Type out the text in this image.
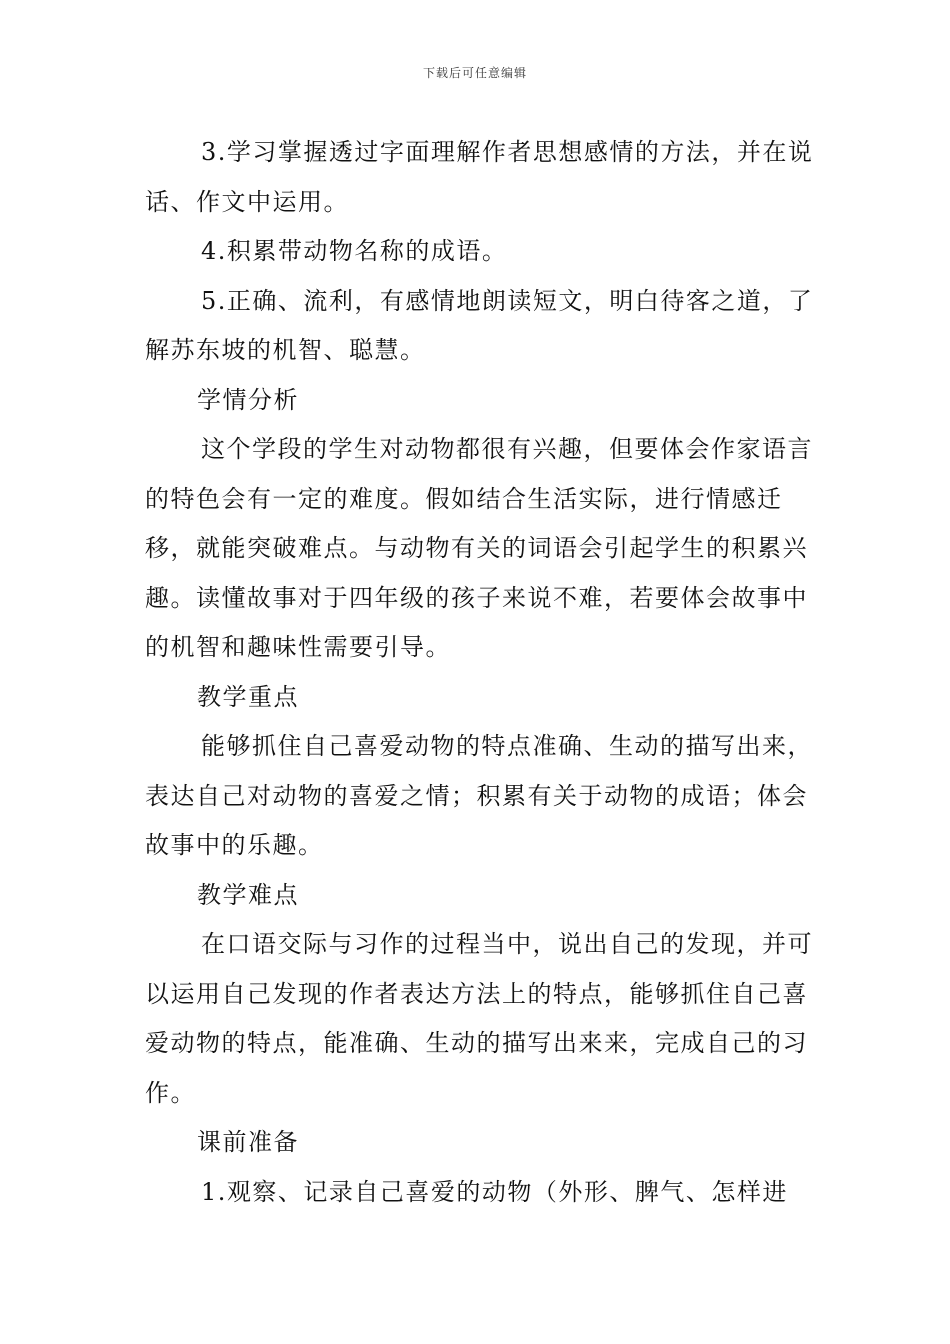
下载后可任意编辑

3.学习掌握透过字面理解作者思想感情的方法，并在说话、作文中运用。

4.积累带动物名称的成语。

5.正确、流利，有感情地朗读短文，明白待客之道，了解苏东坡的机智、聪慧。

学情分析

这个学段的学生对动物都很有兴趣，但要体会作家语言的特色会有一定的难度。假如结合生活实际，进行情感迁移，就能突破难点。与动物有关的词语会引起学生的积累兴趣。读懂故事对于四年级的孩子来说不难，若要体会故事中的机智和趣味性需要引导。

教学重点

能够抓住自己喜爱动物的特点准确、生动的描写出来，表达自己对动物的喜爱之情；积累有关于动物的成语；体会故事中的乐趣。

教学难点

在口语交际与习作的过程当中，说出自己的发现，并可以运用自己发现的作者表达方法上的特点，能够抓住自己喜爱动物的特点，能准确、生动的描写出来来，完成自己的习作。

课前准备

1.观察、记录自己喜爱的动物（外形、脾气、怎样进
